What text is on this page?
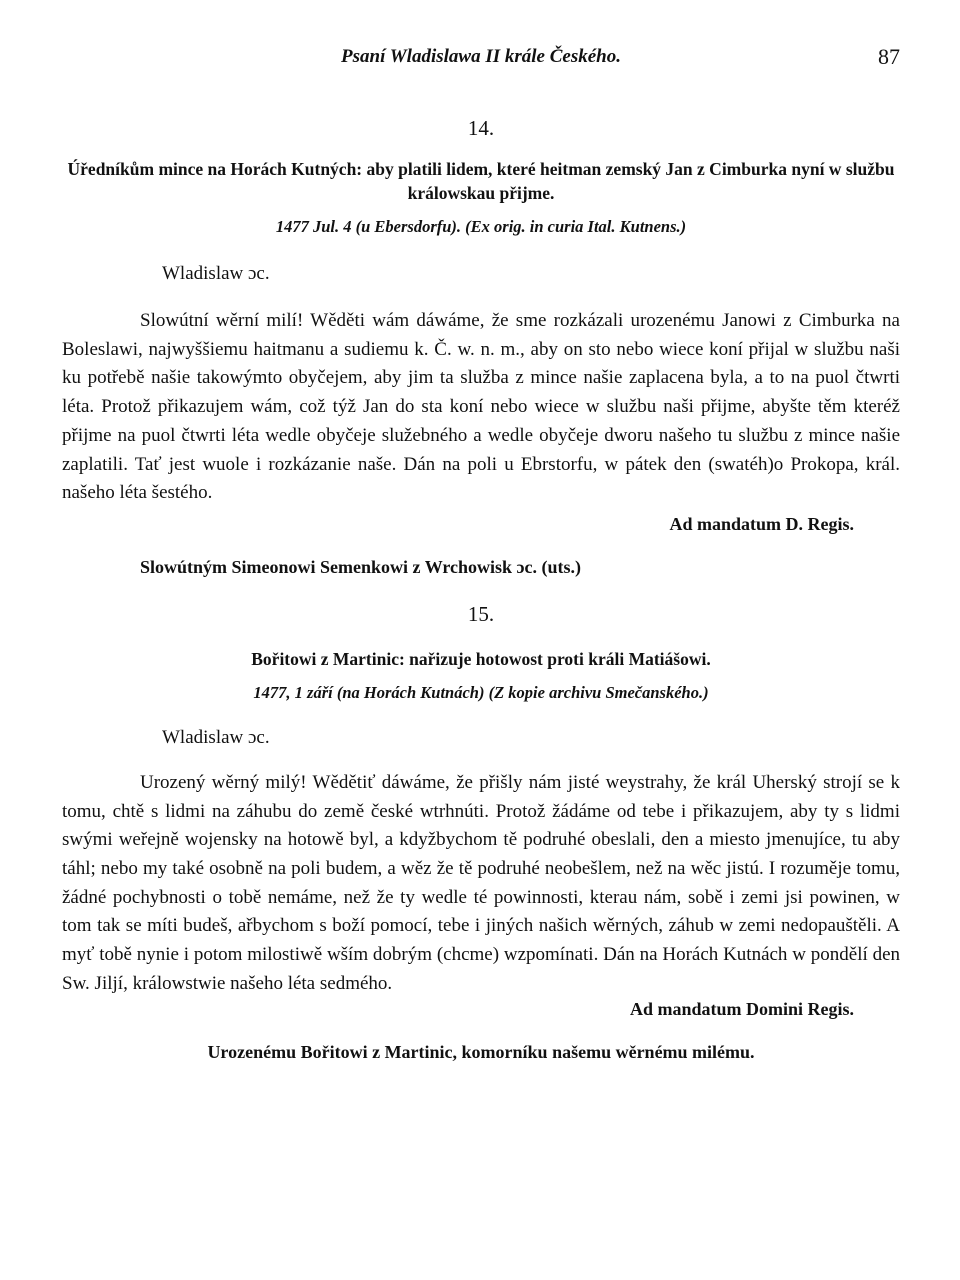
Psaní Wladislawa II krále Českého.	87

14.

Úředníkům mince na Horách Kutných: aby platili lidem, které heitman zemský Jan z Cimburka nyní w službu králowskau přijme.

1477 Jul. 4 (u Ebersdorfu). (Ex orig. in curia Ital. Kutnens.)

Wladislaw ɔc.

Slowútní wěrní milí! Wěděti wám dáwáme, že sme rozkázali urozenému Janowi z Cimburka na Boleslawi, najwyššiemu haitmanu a sudiemu k. Č. w. n. m., aby on sto nebo wiece koní přijal w službu naši ku potřebě našie takowýmto obyčejem, aby jim ta služba z mince našie zaplacena byla, a to na puol čtwrti léta. Protož přikazujem wám, což týž Jan do sta koní nebo wiece w službu naši přijme, abyšte těm kteréž přijme na puol čtwrti léta wedle obyčeje služebného a wedle obyčeje dworu našeho tu službu z mince našie zaplatili. Tať jest wuole i rozkázanie naše. Dán na poli u Ebrstorfu, w pátek den (swatéh)o Prokopa, král. našeho léta šestého.

Ad mandatum D. Regis.

Slowútným Simeonowi Semenkowi z Wrchowisk ɔc. (uts.)

15.

Bořitowi z Martinic: nařizuje hotowost proti králi Matiášowi.

1477, 1 září (na Horách Kutnách) (Z kopie archivu Smečanského.)

Wladislaw ɔc.

Urozený wěrný milý! Wědětiť dáwáme, že přišly nám jisté weystrahy, že král Uherský strojí se k tomu, chtě s lidmi na záhubu do země české wtrhnúti. Protož žádáme od tebe i přikazujem, aby ty s lidmi swými weřejně wojensky na hotowě byl, a kdyžbychom tě podruhé obeslali, den a miesto jmenujíce, tu aby táhl; nebo my také osobně na poli budem, a wěz že tě podruhé neobešlem, než na wěc jistú. I rozuměje tomu, žádné pochybnosti o tobě nemáme, než že ty wedle té powinnosti, kterau nám, sobě i zemi jsi powinen, w tom tak se míti budeš, ařbychom s boží pomocí, tebe i jiných našich wěrných, záhub w zemi nedopauštěli. A myť tobě nynie i potom milostiwě wším dobrým (chcme) wzpomínati. Dán na Horách Kutnách w pondělí den Sw. Jiljí, králowstwie našeho léta sedmého.

Ad mandatum Domini Regis.

Urozenému Bořitowi z Martinic, komorníku našemu wěrnému milému.
